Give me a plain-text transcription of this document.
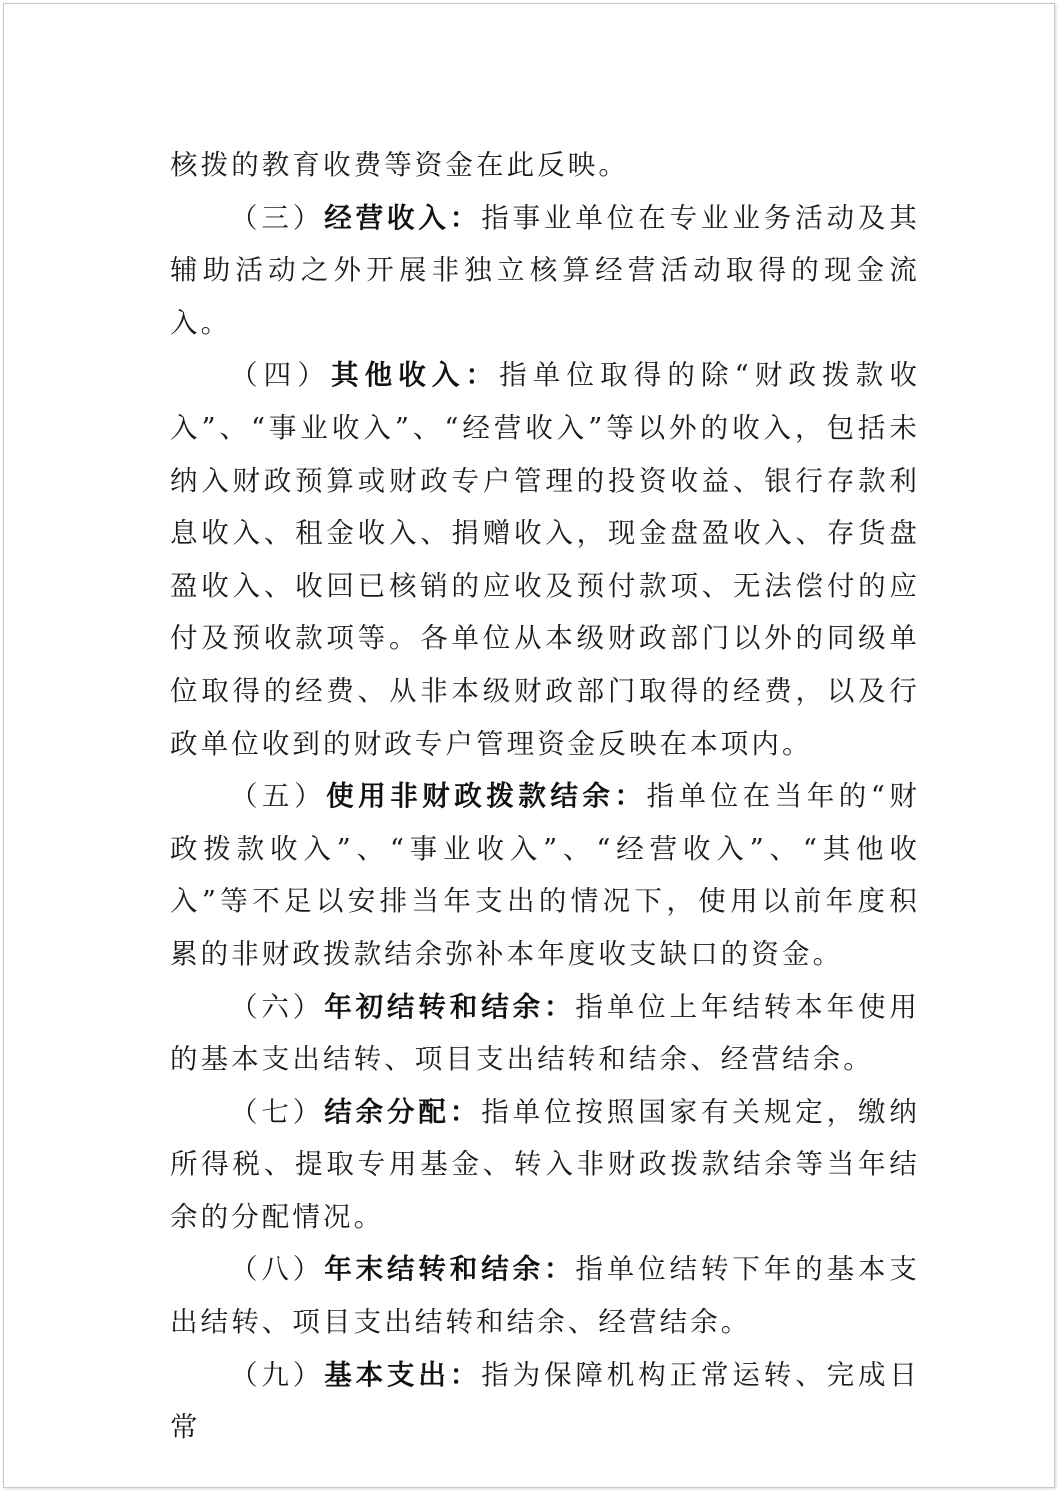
核拨的教育收费等资金在此反映。

（三）经营收入：指事业单位在专业业务活动及其辅助活动之外开展非独立核算经营活动取得的现金流入。

（四）其他收入：指单位取得的除“财政拨款收入”、“事业收入”、“经营收入”等以外的收入，包括未纳入财政预算或财政专户管理的投资收益、银行存款利息收入、租金收入、捐赠收入，现金盘盈收入、存货盘盈收入、收回已核销的应收及预付款项、无法偿付的应付及预收款项等。各单位从本级财政部门以外的同级单位取得的经费、从非本级财政部门取得的经费，以及行政单位收到的财政专户管理资金反映在本项内。

（五）使用非财政拨款结余：指单位在当年的“财政拨款收入”、“事业收入”、“经营收入”、“其他收入”等不足以安排当年支出的情况下，使用以前年度积累的非财政拨款结余弥补本年度收支缺口的资金。

（六）年初结转和结余：指单位上年结转本年使用的基本支出结转、项目支出结转和结余、经营结余。

（七）结余分配：指单位按照国家有关规定，缴纳所得税、提取专用基金、转入非财政拨款结余等当年结余的分配情况。

（八）年末结转和结余：指单位结转下年的基本支出结转、项目支出结转和结余、经营结余。

（九）基本支出：指为保障机构正常运转、完成日常
